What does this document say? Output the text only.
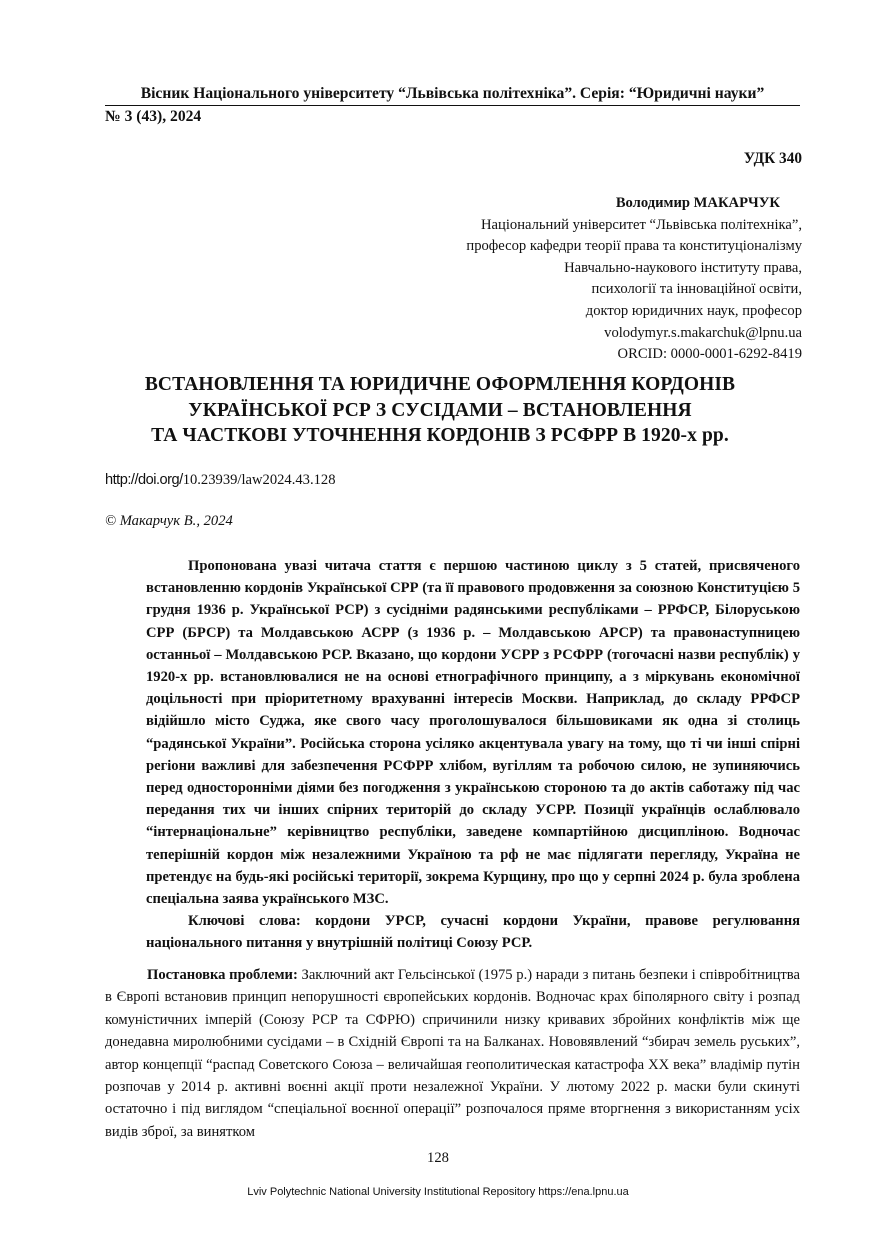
Вісник Національного університету “Львівська політехніка”. Серія: “Юридичні науки”
№ 3 (43), 2024
УДК 340
Володимир МАКАРЧУК
Національний університет “Львівська політехніка”,
професор кафедри теорії права та конституціоналізму
Навчально-наукового інституту права,
психології та інноваційної освіти,
доктор юридичних наук, професор
volodymyr.s.makarchuk@lpnu.ua
ORCID: 0000-0001-6292-8419
ВСТАНОВЛЕННЯ ТА ЮРИДИЧНЕ ОФОРМЛЕННЯ КОРДОНІВ
УКРАЇНСЬКОЇ РСР З СУСІДАМИ – ВСТАНОВЛЕННЯ
ТА ЧАСТКОВІ УТОЧНЕННЯ КОРДОНІВ З РСФРР В 1920-х рр.
http://doi.org/10.23939/law2024.43.128
© Макарчук В., 2024

Пропонована увазі читача стаття є першою частиною циклу з 5 статей, присвяченого встановленню кордонів Української СРР (та її правового продовження за союзною Конституцією 5 грудня 1936 р. Української РСР) з сусідніми радянськими республіками – РРФСР, Білоруською СРР (БРСР) та Молдавською АСРР (з 1936 р. – Молдавською АРСР) та правонаступницею останньої – Молдавською РСР. Вказано, що кордони УСРР з РСФРР (тогочасні назви республік) у 1920-х рр. встановлювалися не на основі етнографічного принципу, а з міркувань економічної доцільності при пріоритетному врахуванні інтересів Москви. Наприклад, до складу РРФСР відійшло місто Суджа, яке свого часу проголошувалося більшовиками як одна зі столиць “радянської України”. Російська сторона усіляко акцентувала увагу на тому, що ті чи інші спірні регіони важливі для забезпечення РСФРР хлібом, вугіллям та робочою силою, не зупиняючись перед односторонніми діями без погодження з українською стороною та до актів саботажу під час передання тих чи інших спірних територій до складу УСРР. Позиції українців ослаблювало “інтернаціональне” керівництво республіки, заведене компартійною дисципліною. Водночас теперішній кордон між незалежними Україною та рф не має підлягати перегляду, Україна не претендує на будь-які російські території, зокрема Курщину, про що у серпні 2024 р. була зроблена спеціальна заява українського МЗС.

Ключові слова: кордони УРСР, сучасні кордони України, правове регулювання національного питання у внутрішній політиці Союзу РСР.

Постановка проблеми: Заключний акт Гельсінської (1975 р.) наради з питань безпеки і співробітництва в Європі встановив принцип непорушності європейських кордонів. Водночас крах біполярного світу і розпад комуністичних імперій (Союзу РСР та СФРЮ) спричинили низку кривавих збройних конфліктів між ще донедавна миролюбними сусідами – в Східній Європі та на Балканах. Нововявлений “збирач земель руських”, автор концепції “распад Советского Союза – величайшая геополитическая катастрофа XX века” владімір путін розпочав у 2014 р. активні воєнні акції проти незалежної України. У лютому 2022 р. маски були скинуті остаточно і під виглядом “спеціальної воєнної операції” розпочалося пряме вторгнення з використанням усіх видів зброї, за винятком

128
Lviv Polytechnic National University Institutional Repository https://ena.lpnu.ua
